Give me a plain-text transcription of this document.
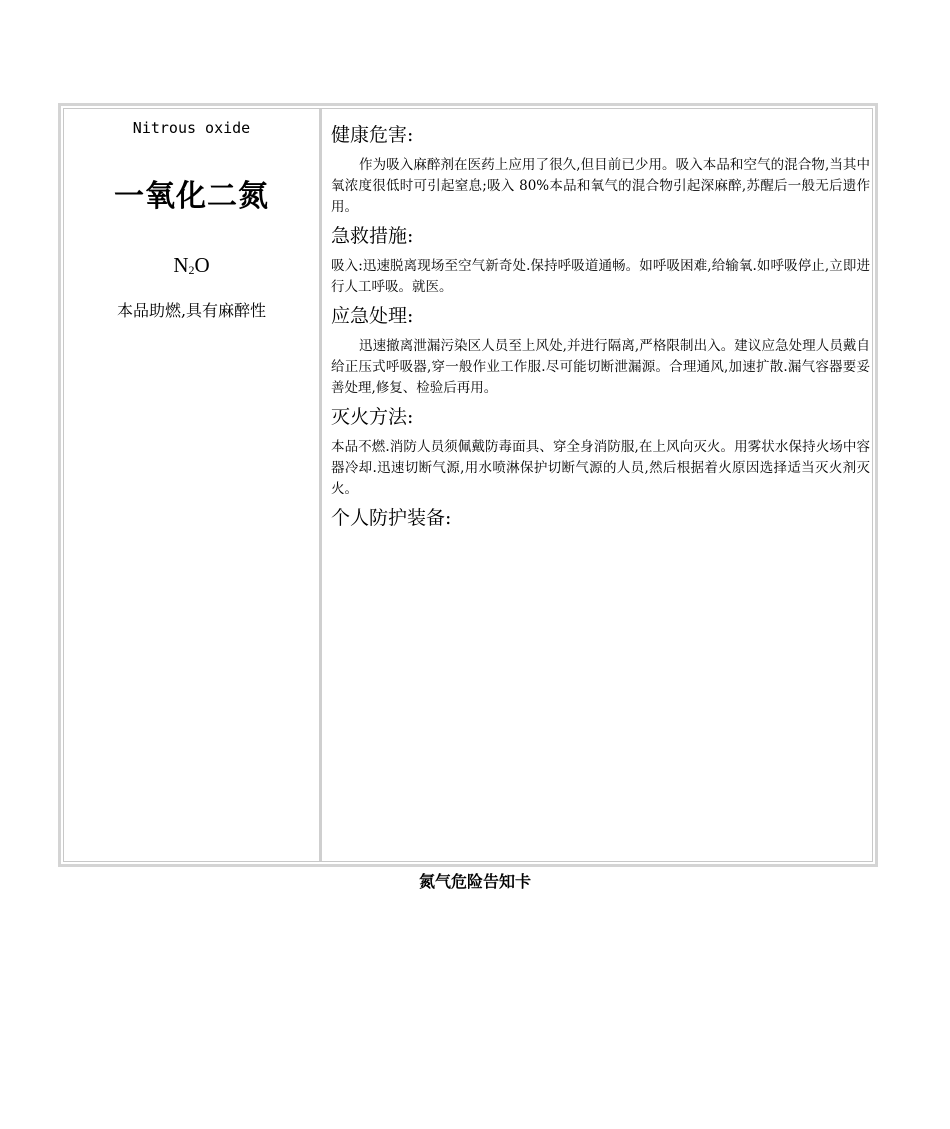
Nitrous oxide
一氧化二氮
$N_2O$
本品助燃,具有麻醉性
健康危害:

作为吸入麻醉剂在医药上应用了很久,但目前已少用。吸入本品和空气的混合物,当其中氧浓度很低时可引起窒息;吸入 80%本品和氧气的混合物引起深麻醉,苏醒后一般无后遗作用。

急救措施:

吸入:迅速脱离现场至空气新奇处.保持呼吸道通畅。如呼吸困难,给输氧.如呼吸停止,立即进行人工呼吸。就医。

应急处理:

迅速撤离泄漏污染区人员至上风处,并进行隔离,严格限制出入。建议应急处理人员戴自给正压式呼吸器,穿一般作业工作服.尽可能切断泄漏源。合理通风,加速扩散.漏气容器要妥善处理,修复、检验后再用。

灭火方法:

本品不燃.消防人员须佩戴防毒面具、穿全身消防服,在上风向灭火。用雾状水保持火场中容器冷却.迅速切断气源,用水喷淋保护切断气源的人员,然后根据着火原因选择适当灭火剂灭火。

个人防护装备:
氮气危险告知卡
